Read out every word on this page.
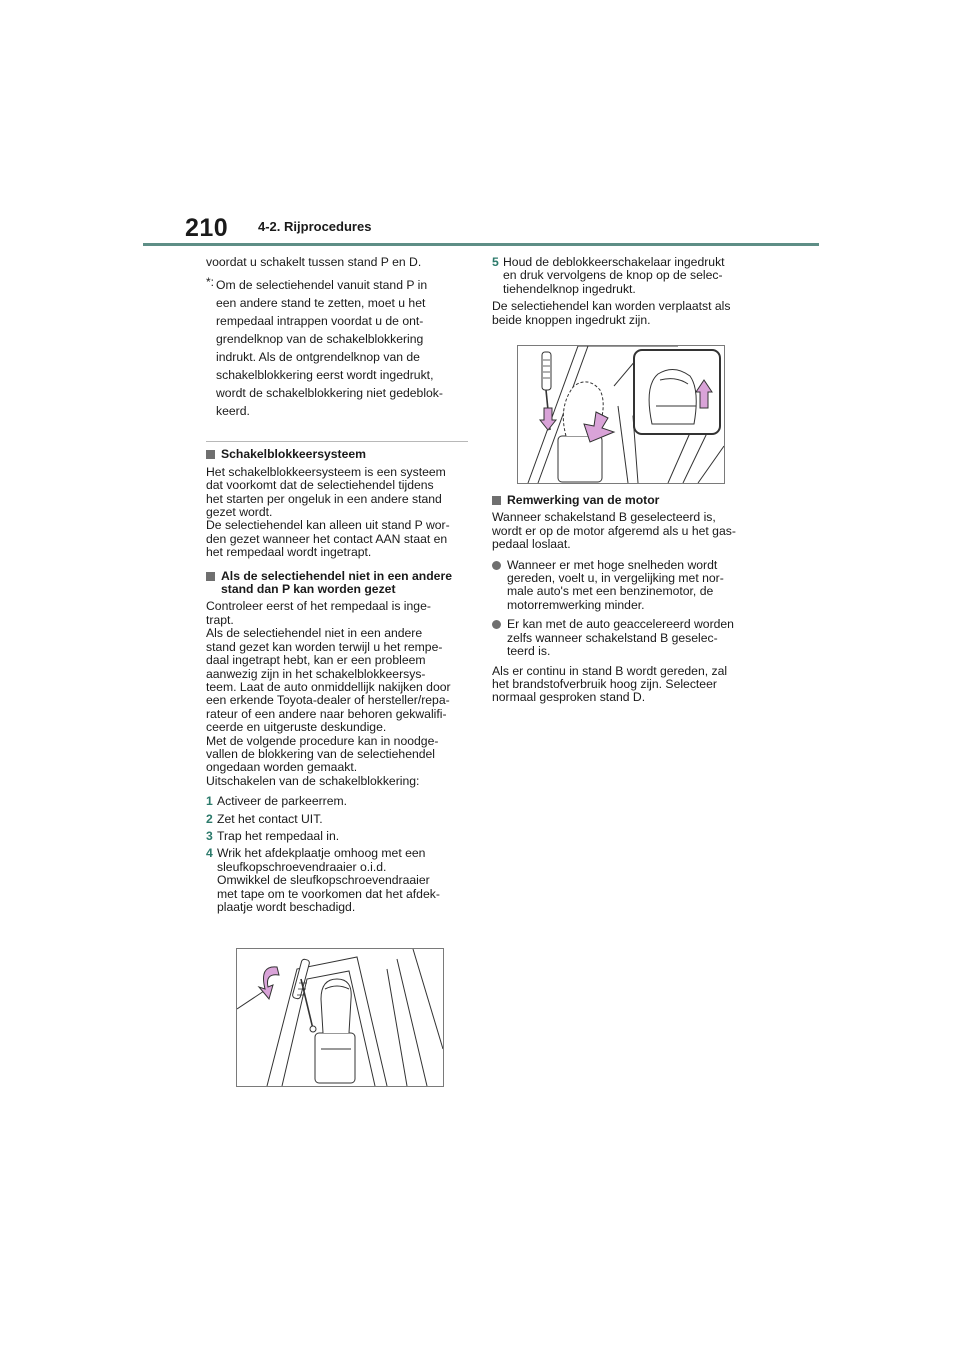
210 4-2. Rijprocedures

voordat u schakelt tussen stand P en D.

*: Om de selectiehendel vanuit stand P in
een andere stand te zetten, moet u het
rempedaal intrappen voordat u de ont-
grendelknop van de schakelblokkering
indrukt. Als de ontgrendelknop van de
schakelblokkering eerst wordt ingedrukt,
wordt de schakelblokkering niet gedeblok-
keerd.

Schakelblokkeersysteem

Het schakelblokkeersysteem is een systeem
dat voorkomt dat de selectiehendel tijdens
het starten per ongeluk in een andere stand
gezet wordt.
De selectiehendel kan alleen uit stand P wor-
den gezet wanneer het contact AAN staat en
het rempedaal wordt ingetrapt.

Als de selectiehendel niet in een andere
stand dan P kan worden gezet

Controleer eerst of het rempedaal is inge-
trapt.
Als de selectiehendel niet in een andere
stand gezet kan worden terwijl u het rempe-
daal ingetrapt hebt, kan er een probleem
aanwezig zijn in het schakelblokkeersys-
teem. Laat de auto onmiddellijk nakijken door
een erkende Toyota-dealer of hersteller/repa-
rateur of een andere naar behoren gekwalifi-
ceerde en uitgeruste deskundige.
Met de volgende procedure kan in noodge-
vallen de blokkering van de selectiehendel
ongedaan worden gemaakt.
Uitschakelen van de schakelblokkering:

1 Activeer de parkeerrem.
2 Zet het contact UIT.
3 Trap het rempedaal in.
4 Wrik het afdekplaatje omhoog met een
sleufkopschroevendraaier o.i.d.
Omwikkel de sleufkopschroevendraaier
met tape om te voorkomen dat het afdek-
plaatje wordt beschadigd.
5 Houd de deblokkeerschakelaar ingedrukt
en druk vervolgens de knop op de selec-
tiehendelknop ingedrukt.

De selectiehendel kan worden verplaatst als
beide knoppen ingedrukt zijn.

Remwerking van de motor

Wanneer schakelstand B geselecteerd is,
wordt er op de motor afgeremd als u het gas-
pedaal loslaat.

Wanneer er met hoge snelheden wordt
gereden, voelt u, in vergelijking met nor-
male auto's met een benzinemotor, de
motorremwerking minder.
Er kan met de auto geaccelereerd worden
zelfs wanneer schakelstand B geselec-
teerd is.

Als er continu in stand B wordt gereden, zal
het brandstofverbruik hoog zijn. Selecteer
normaal gesproken stand D.
